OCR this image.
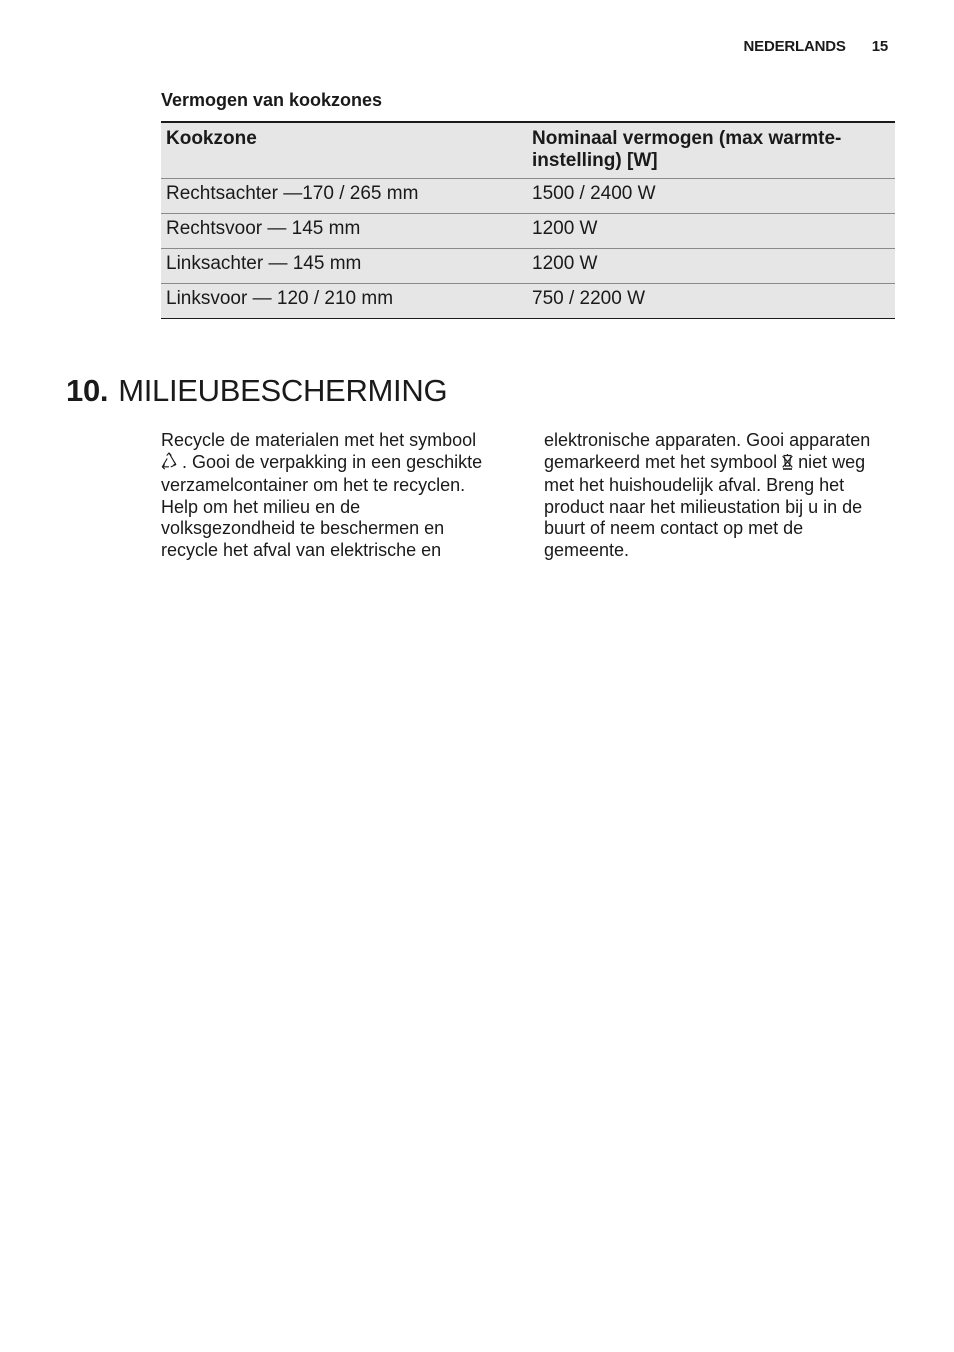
NEDERLANDS 15
Vermogen van kookzones
Kookzone	Nominaal vermogen (max warmte-instelling) [W]
Rechtsachter —170 / 265 mm	1500 / 2400 W
Rechtsvoor — 145 mm	1200 W
Linksachter — 145 mm	1200 W
Linksvoor — 120 / 210 mm	750 / 2200 W
10. MILIEUBESCHERMING

Recycle de materialen met het symbool  . Gooi de verpakking in een geschikte verzamelcontainer om het te recyclen.

Help om het milieu en de volksgezondheid te beschermen en recycle het afval van elektrische en

elektronische apparaten. Gooi apparaten gemarkeerd met het symbool niet weg met het huishoudelijk afval. Breng het product naar het milieustation bij u in de buurt of neem contact op met de gemeente.
